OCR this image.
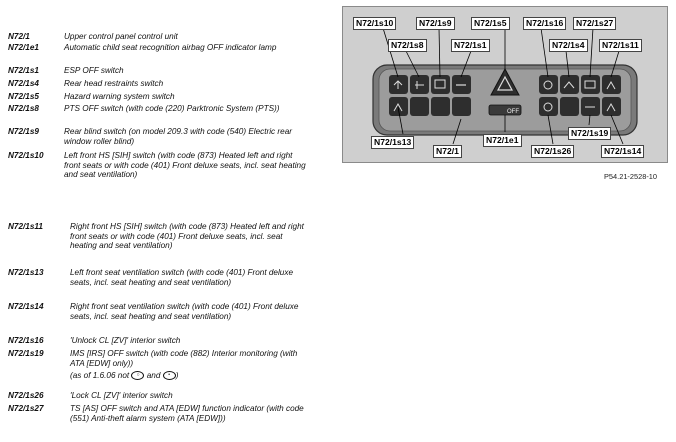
N72/1	Upper control panel control unit
N72/1e1	Automatic child seat recognition airbag OFF indicator lamp
N72/1s1	ESP OFF switch
N72/1s4	Rear head restraints switch
N72/1s5	Hazard warning system switch
N72/1s8	PTS OFF switch (with code (220) Parktronic System (PTS))
N72/1s9	Rear blind switch (on model 209.3 with code (540) Electric rear window roller blind)
N72/1s10	Left front HS [SIH] switch (with code (873) Heated left and right front seats or with code (401) Front deluxe seats, incl. seat heating and seat ventilation)
N72/1s11	Right front HS [SIH] switch (with code (873) Heated left and right front seats or with code (401) Front deluxe seats, incl. seat heating and seat ventilation)
N72/1s13	Left front seat ventilation switch (with code (401) Front deluxe seats, incl. seat heating and seat ventilation)
N72/1s14	Right front seat ventilation switch (with code (401) Front deluxe seats, incl. seat heating and seat ventilation)
N72/1s16	'Unlock CL [ZV]' interior switch
N72/1s19	IMS [IRS] OFF switch (with code (882) Interior monitoring (with ATA [EDW] only))
(as of 1.6.06 not ○ and • )
N72/1s26	'Lock CL [ZV]' interior switch
N72/1s27	TS [AS] OFF switch and ATA [EDW] function indicator (with code (551) Anti-theft alarm system (ATA [EDW]))
OFF
N72/1s10	N72/1s9	N72/1s5	N72/1s16	N72/1s27
N72/1s8	N72/1s1	N72/1s4	N72/1s11
N72/1s13
N72/1
N72/1e1
N72/1s26
N72/1s19
N72/1s14
P54.21-2528-10
